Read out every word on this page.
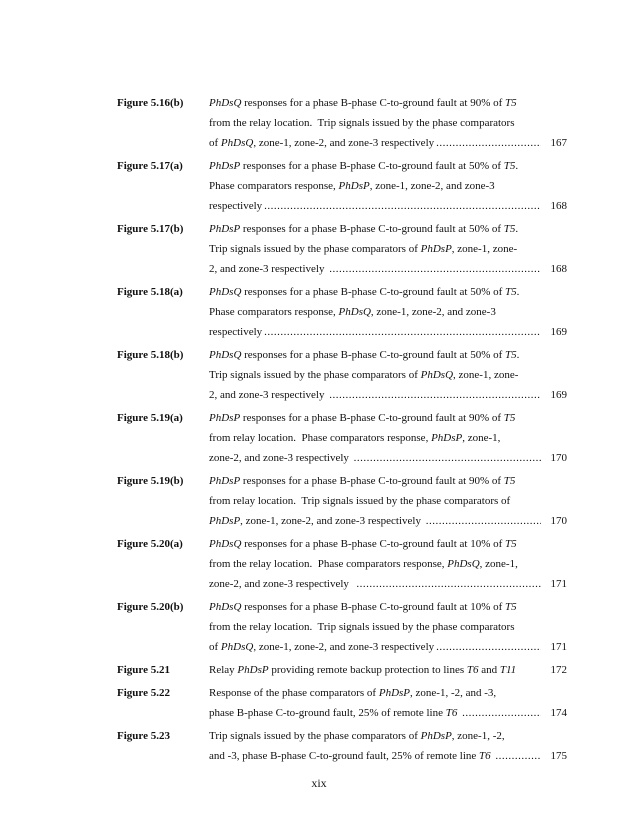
Figure 5.16(b)	PhDsQ responses for a phase B-phase C-to-ground fault at 90% of T5
from the relay location.  Trip signals issued by the phase comparators
of PhDsQ , zone-1, zone-2, and zone-3 respectively .....	167
Figure 5.17(a)	PhDsP responses for a phase B-phase C-to-ground fault at 50% of T5 .
Phase comparators response, PhDsP , zone-1, zone-2, and zone-3
respectively .....	168
Figure 5.17(b)	PhDsP responses for a phase B-phase C-to-ground fault at 50% of T5 .
Trip signals issued by the phase comparators of PhDsP , zone-1, zone-
2, and zone-3 respectively .....	168
Figure 5.18(a)	PhDsQ responses for a phase B-phase C-to-ground fault at 50% of T5 .
Phase comparators response, PhDsQ , zone-1, zone-2, and zone-3
respectively .....	169
Figure 5.18(b)	PhDsQ responses for a phase B-phase C-to-ground fault at 50% of T5 .
Trip signals issued by the phase comparators of PhDsQ , zone-1, zone-
2, and zone-3 respectively .....	169
Figure 5.19(a)	PhDsP responses for a phase B-phase C-to-ground fault at 90% of T5
from relay location.  Phase comparators response, PhDsP , zone-1,
zone-2, and zone-3 respectively .....	170
Figure 5.19(b)	PhDsP responses for a phase B-phase C-to-ground fault at 90% of T5
from relay location.  Trip signals issued by the phase comparators of
PhDsP , zone-1, zone-2, and zone-3 respectively .....	170
Figure 5.20(a)	PhDsQ responses for a phase B-phase C-to-ground fault at 10% of T5
from the relay location.  Phase comparators response, PhDsQ , zone-1,
zone-2, and zone-3 respectively .....	171
Figure 5.20(b)	PhDsQ responses for a phase B-phase C-to-ground fault at 10% of T5
from the relay location.  Trip signals issued by the phase comparators
of PhDsQ , zone-1, zone-2, and zone-3 respectively .....	171
Figure 5.21	Relay PhDsP providing remote backup protection to lines T6 and T11	172
Figure 5.22	Response of the phase comparators of PhDsP , zone-1, -2, and -3,
phase B-phase C-to-ground fault, 25% of remote line T6
.....	174
Figure 5.23	Trip signals issued by the phase comparators of PhDsP , zone-1, -2,
and -3, phase B-phase C-to-ground fault, 25% of remote line T6
.....	175
xix
